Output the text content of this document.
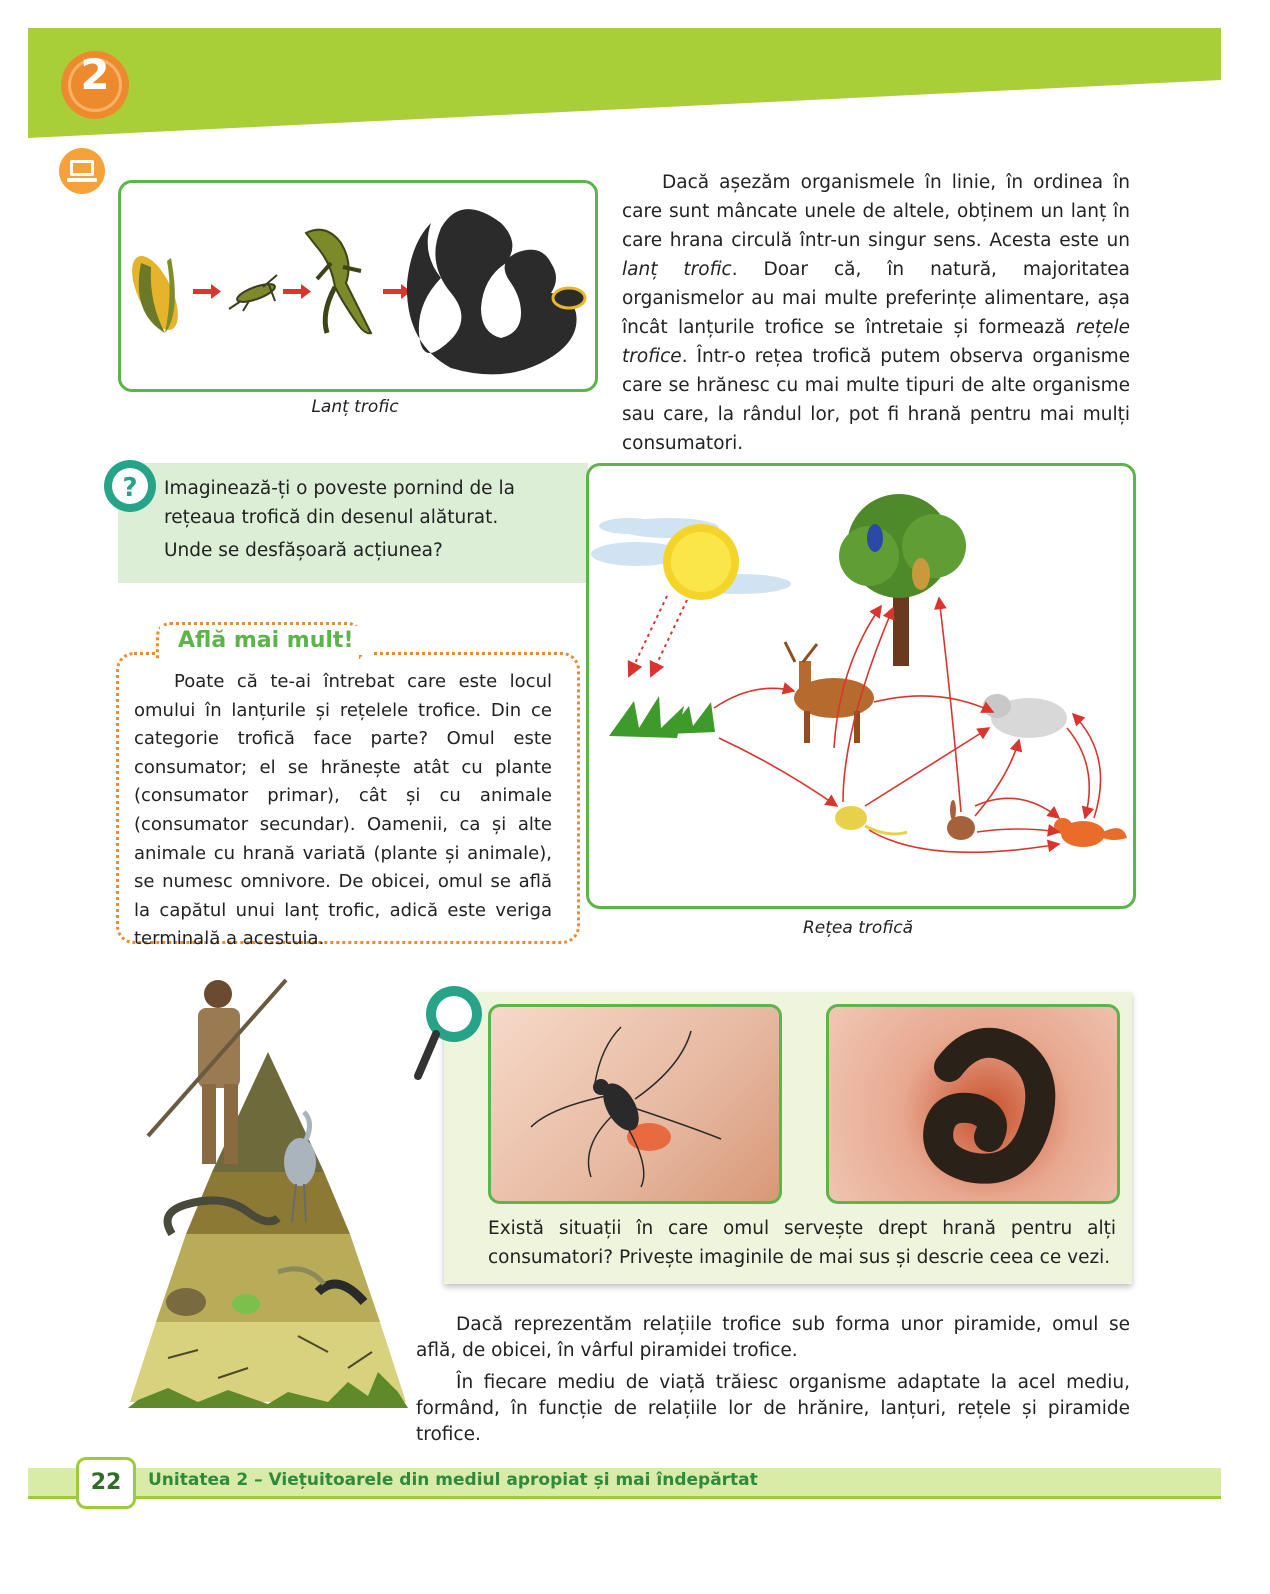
2
Lanț trofic
Dacă așezăm organismele în linie, în ordinea în care sunt mâncate unele de altele, obținem un lanț în care hrana circulă într-un singur sens. Acesta este un lanț trofic. Doar că, în natură, majoritatea organismelor au mai multe preferințe alimentare, așa încât lanțurile trofice se întretaie și formează rețele trofice. Într-o rețea trofică putem observa organisme care se hrănesc cu mai multe tipuri de alte organisme sau care, la rândul lor, pot fi hrană pentru mai mulți consumatori.
? Imaginează-ți o poveste pornind de la rețeaua trofică din desenul alăturat.
Unde se desfășoară acțiunea?
Rețea trofică
Află mai mult!
Poate că te-ai întrebat care este locul omului în lanțurile și rețelele trofice. Din ce categorie trofică face parte? Omul este consumator; el se hrănește atât cu plante (consumator primar), cât și cu animale (consumator secundar). Oamenii, ca și alte animale cu hrană variată (plante și animale), se numesc omnivore. De obicei, omul se află la capătul unui lanț trofic, adică este veriga terminală a acestuia.
Există situații în care omul servește drept hrană pentru alți consumatori? Privește imaginile de mai sus și descrie ceea ce vezi.
Dacă reprezentăm relațiile trofice sub forma unor piramide, omul se află, de obicei, în vârful piramidei trofice.
În fiecare mediu de viață trăiesc organisme adaptate la acel mediu, formând, în funcție de relațiile lor de hrănire, lanțuri, rețele și piramide trofice.
22	Unitatea 2 – Viețuitoarele din mediul apropiat și mai îndepărtat
